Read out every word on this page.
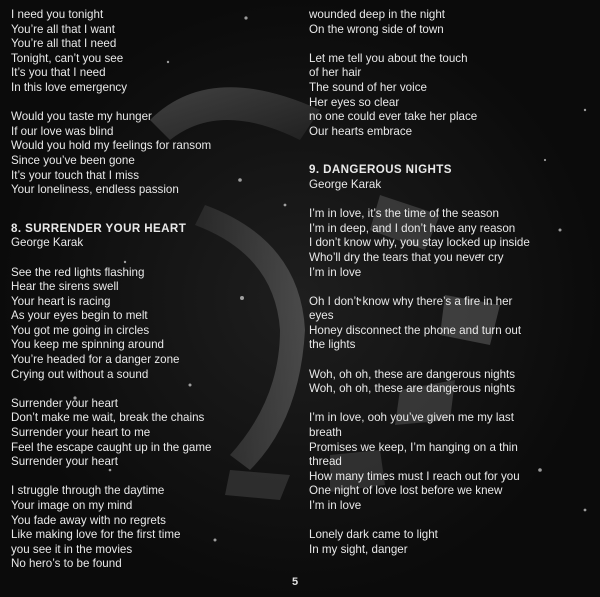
I need you tonight
You’re all that I want
You’re all that I need
Tonight, can’t you see
It’s you that I need
In this love emergency
Would you taste my hunger
If our love was blind
Would you hold my feelings for ransom
Since you’ve been gone
It’s your touch that I miss
Your loneliness, endless passion
8. SURRENDER YOUR HEART
George Karak
See the red lights flashing
Hear the sirens swell
Your heart is racing
As your eyes begin to melt
You got me going in circles
You keep me spinning around
You’re headed for a danger zone
Crying out without a sound
Surrender your heart
Don’t make me wait, break the chains
Surrender your heart to me
Feel the escape caught up in the game
Surrender your heart
I struggle through the daytime
Your image on my mind
You fade away with no regrets
Like making love for the first time
you see it in the movies
No hero’s to be found
wounded deep in the night
On the wrong side of town
Let me tell you about the touch
of her hair
The sound of her voice
Her eyes so clear
no one could ever take her place
Our hearts embrace
9. DANGEROUS NIGHTS
George Karak
I’m in love, it’s the time of the season
I’m in deep, and I don’t have any reason
I don’t know why, you stay locked up inside
Who’ll dry the tears that you never cry
I’m in love
Oh I don’t know why there’s a fire in her
eyes
Honey disconnect the phone and turn out
the lights
Woh, oh oh, these are dangerous nights
Woh, oh oh, these are dangerous nights
I’m in love, ooh you’ve given me my last
breath
Promises we keep, I’m hanging on a thin
thread
How many times must I reach out for you
One night of love lost before we knew
I’m in love
Lonely dark came to light
In my sight, danger
5
